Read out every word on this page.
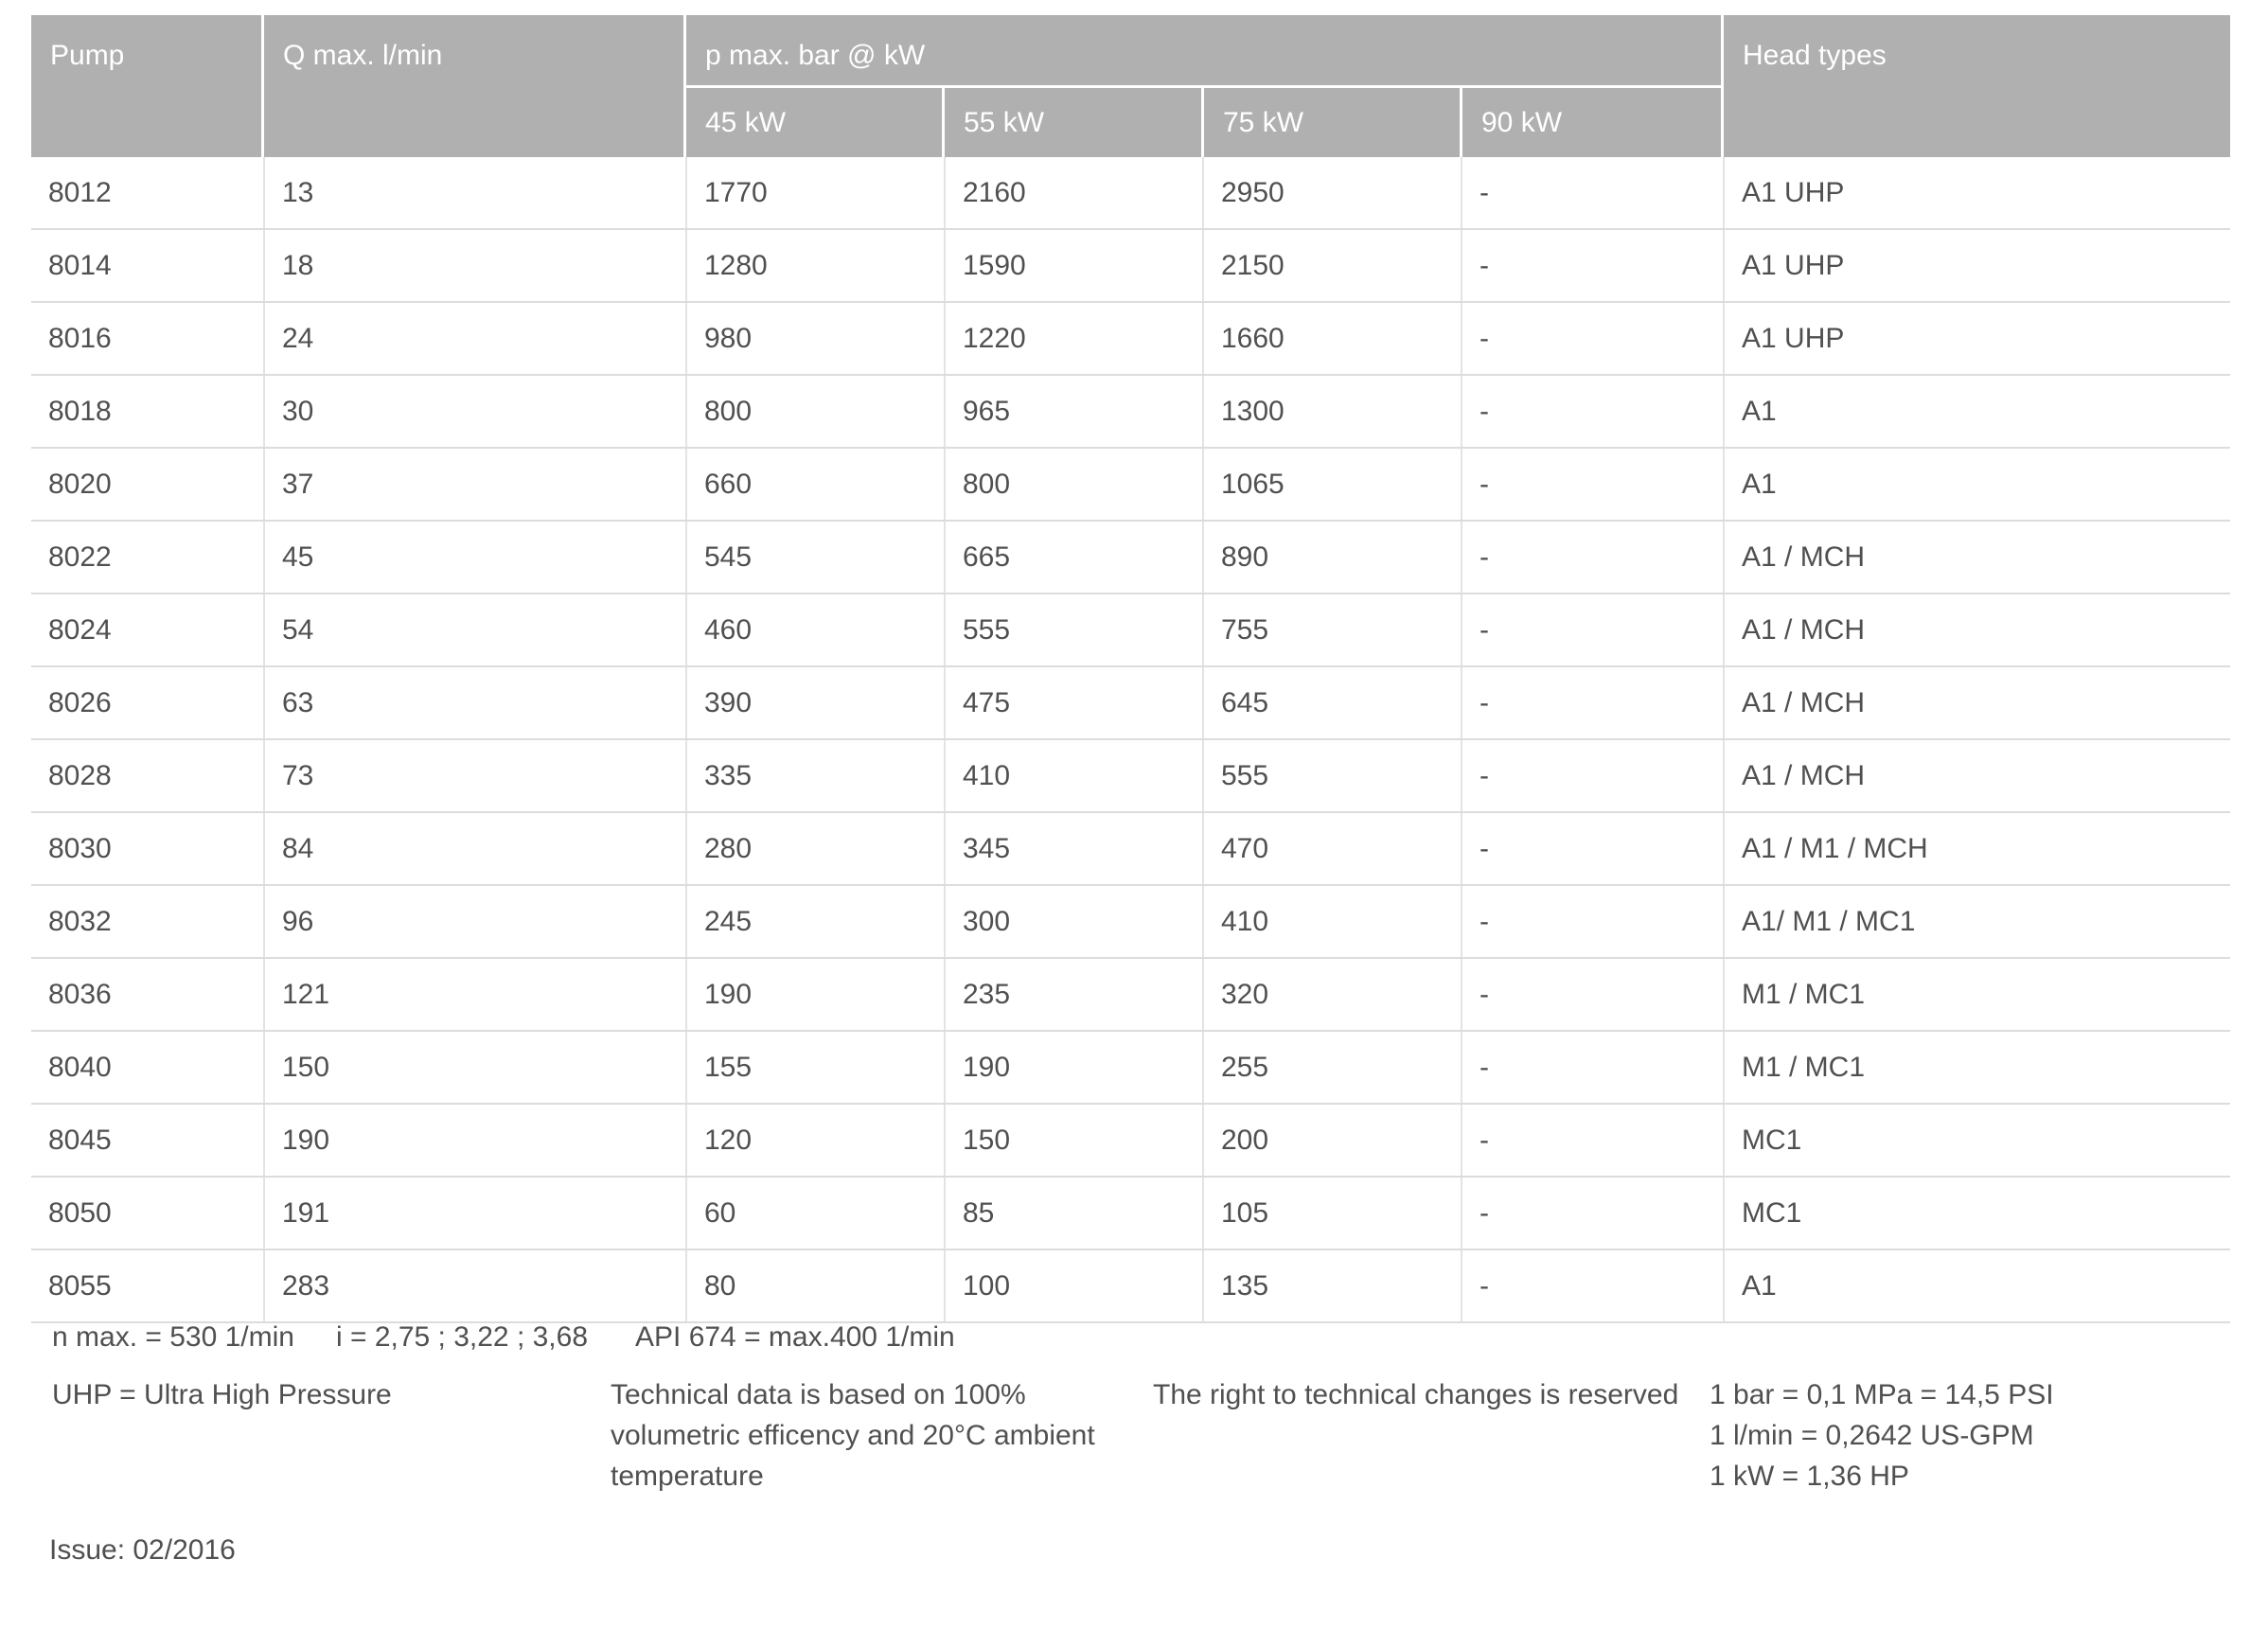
Pump	Q max. l/min	p max. bar @ kW
45 kW	55 kW	75 kW	90 kW
Head types
8012	13	1770	2160	2950	-	A1 UHP
8014	18	1280	1590	2150	-	A1 UHP
8016	24	980	1220	1660	-	A1 UHP
8018	30	800	965	1300	-	A1
8020	37	660	800	1065	-	A1
8022	45	545	665	890	-	A1 / MCH
8024	54	460	555	755	-	A1 / MCH
8026	63	390	475	645	-	A1 / MCH
8028	73	335	410	555	-	A1 / MCH
8030	84	280	345	470	-	A1 / M1 / MCH
8032	96	245	300	410	-	A1/ M1 / MC1
8036	121	190	235	320	-	M1 / MC1
8040	150	155	190	255	-	M1 / MC1
8045	190	120	150	200	-	MC1
8050	191	60	85	105	-	MC1
8055	283	80	100	135	-	A1
n max. = 530 1/min i = 2,75 ; 3,22 ; 3,68 API 674 = max.400 1/min
UHP = Ultra High Pressure	Technical data is based on 100% volumetric efficency and 20°C ambient temperature
The right to technical changes is reserved 1 bar = 0,1 MPa = 14,5 PSI
1 l/min = 0,2642 US-GPM
1 kW = 1,36 HP
Issue: 02/2016
